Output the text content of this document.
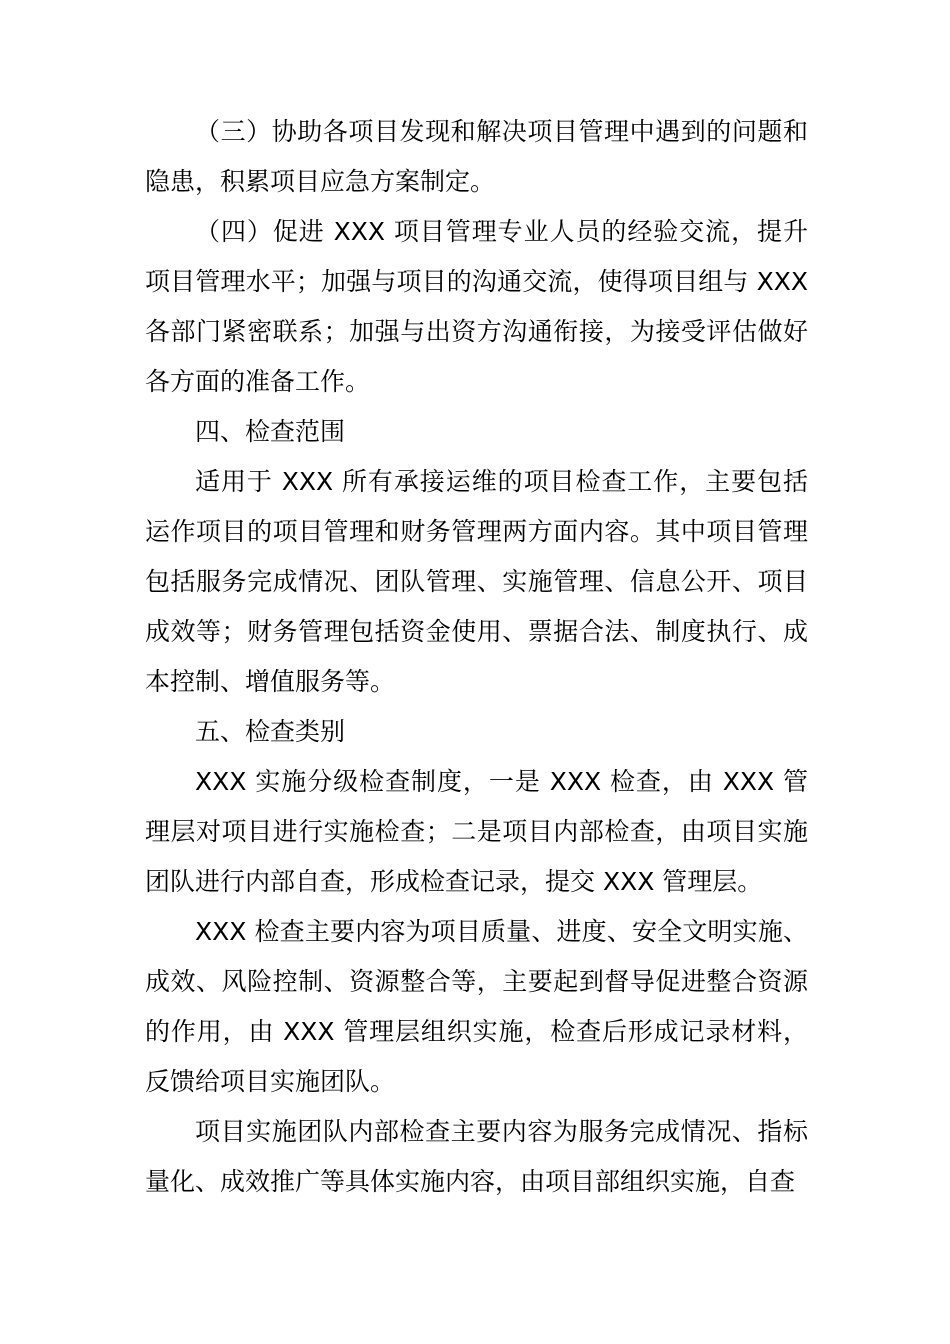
（三）协助各项目发现和解决项目管理中遇到的问题和隐患，积累项目应急方案制定。

（四）促进 XXX 项目管理专业人员的经验交流，提升项目管理水平；加强与项目的沟通交流，使得项目组与 XXX 各部门紧密联系；加强与出资方沟通衔接，为接受评估做好各方面的准备工作。

四、检查范围

适用于 XXX 所有承接运维的项目检查工作，主要包括运作项目的项目管理和财务管理两方面内容。其中项目管理包括服务完成情况、团队管理、实施管理、信息公开、项目成效等；财务管理包括资金使用、票据合法、制度执行、成本控制、增值服务等。

五、检查类别

XXX 实施分级检查制度，一是 XXX 检查，由 XXX 管理层对项目进行实施检查；二是项目内部检查，由项目实施团队进行内部自查，形成检查记录，提交 XXX 管理层。

XXX 检查主要内容为项目质量、进度、安全文明实施、成效、风险控制、资源整合等，主要起到督导促进整合资源的作用，由 XXX 管理层组织实施，检查后形成记录材料，反馈给项目实施团队。

项目实施团队内部检查主要内容为服务完成情况、指标量化、成效推广等具体实施内容，由项目部组织实施，自查
